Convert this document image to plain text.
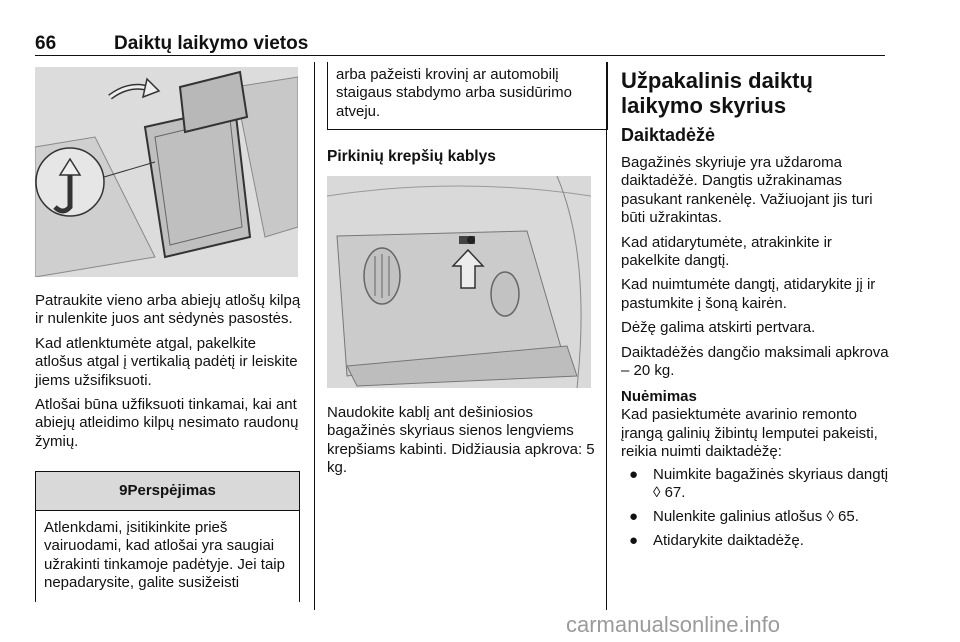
66	Daiktų laikymo vietos

Patraukite vieno arba abiejų atlošų kilpą ir nulenkite juos ant sėdynės pasostės.

Kad atlenktumėte atgal, pakelkite atlošus atgal į vertikalią padėtį ir leiskite jiems užsifiksuoti.

Atlošai būna užfiksuoti tinkamai, kai ant abiejų atleidimo kilpų nesimato raudonų žymių.

9Perspėjimas
Atlenkdami, įsitikinkite prieš vairuodami, kad atlošai yra saugiai užrakinti tinkamoje padėtyje. Jei taip nepadarysite, galite susižeisti
arba pažeisti krovinį ar automobilį staigaus stabdymo arba susidūrimo atveju.
Pirkinių krepšių kablys

Naudokite kablį ant dešiniosios bagažinės skyriaus sienos lengviems krepšiams kabinti. Didžiausia apkrova: 5 kg.

Užpakalinis daiktų laikymo skyrius
Daiktadėžė

Bagažinės skyriuje yra uždaroma daiktadėžė. Dangtis užrakinamas pasukant rankenėlę. Važiuojant jis turi būti užrakintas.

Kad atidarytumėte, atrakinkite ir pakelkite dangtį.

Kad nuimtumėte dangtį, atidarykite jį ir pastumkite į šoną kairėn.

Dėžę galima atskirti pertvara.

Daiktadėžės dangčio maksimali apkrova – 20 kg.

Nuėmimas

Kad pasiektumėte avarinio remonto įrangą galinių žibintų lemputei pakeisti, reikia nuimti daiktadėžę:

● Nuimkite bagažinės skyriaus dangtį ◊ 67.
● Nulenkite galinius atlošus ◊ 65.
● Atidarykite daiktadėžę.
carmanualsonline.info
